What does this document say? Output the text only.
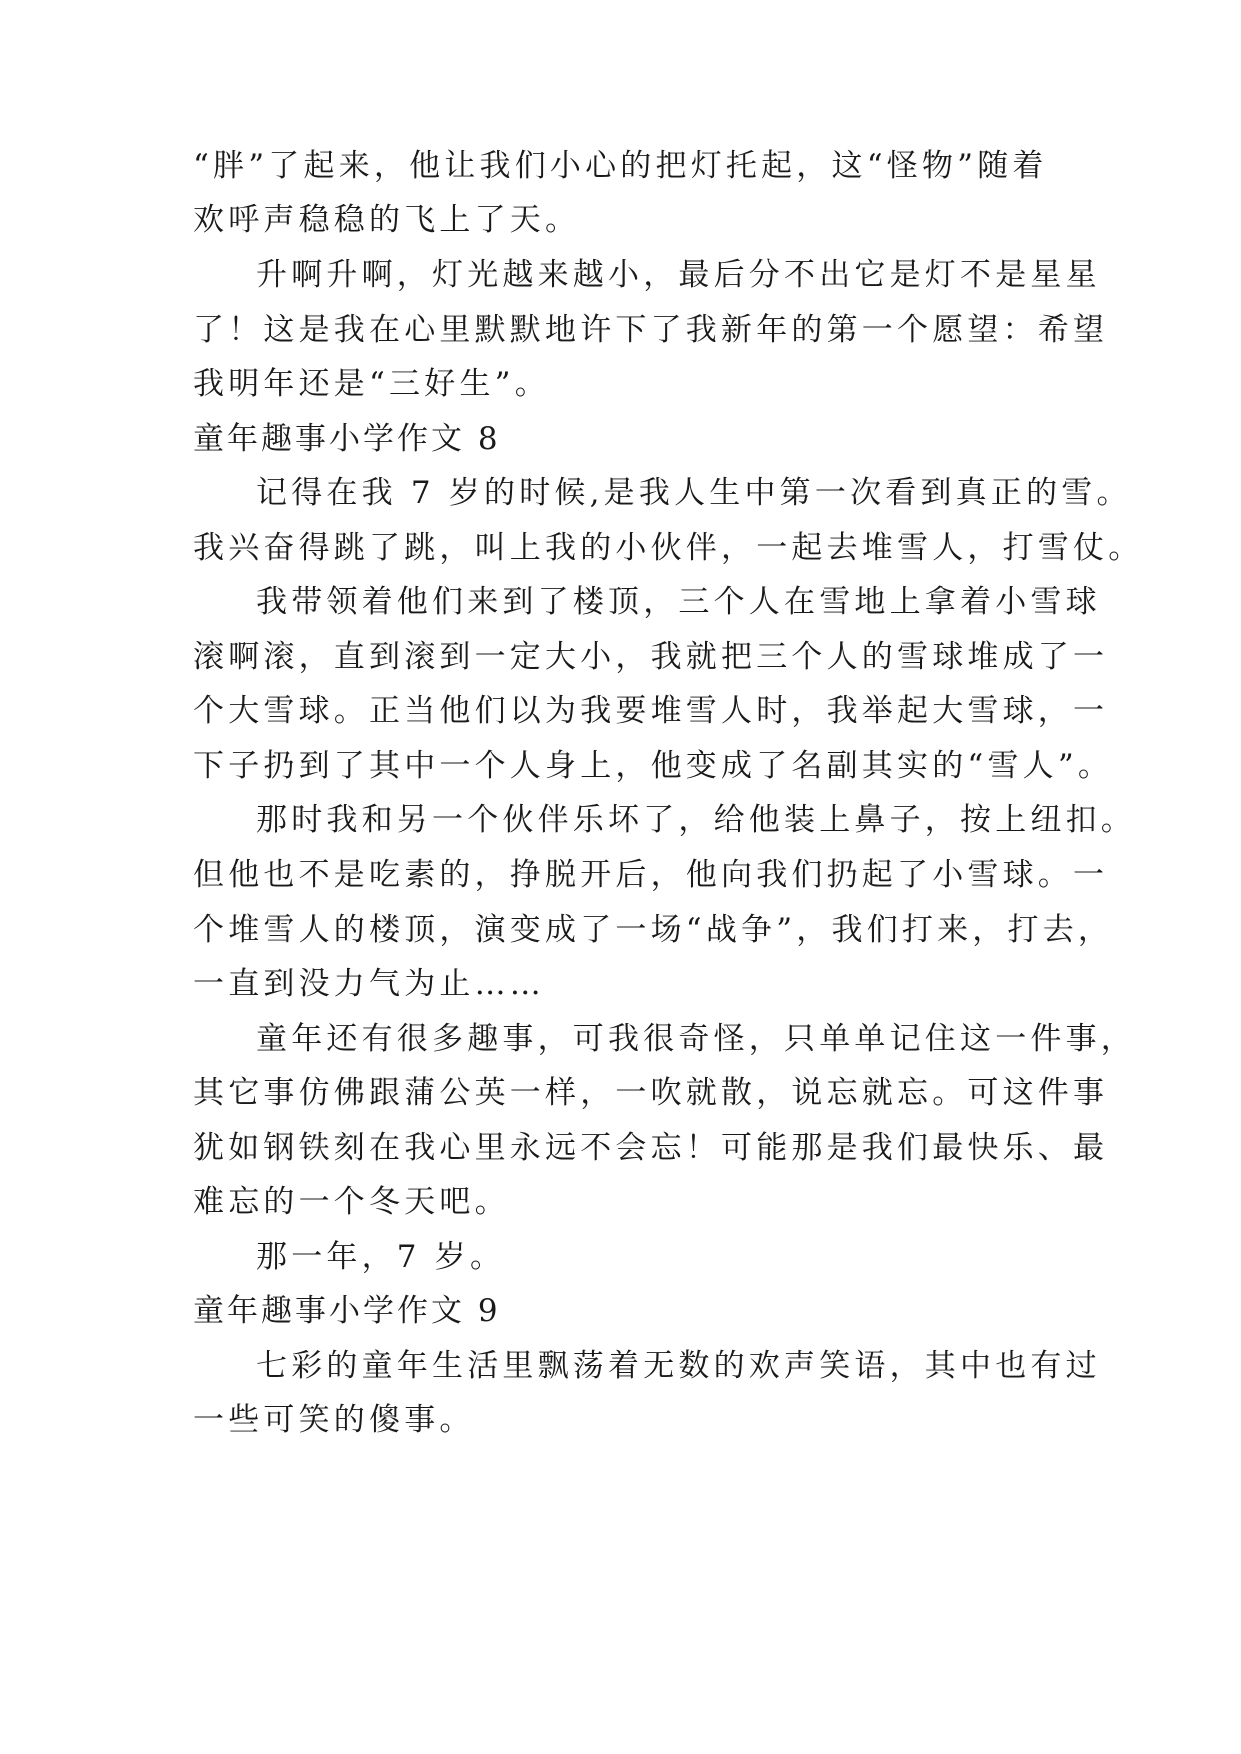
“胖”了起来，他让我们小心的把灯托起，这“怪物”随着
欢呼声稳稳的飞上了天。
升啊升啊，灯光越来越小，最后分不出它是灯不是星星
了！这是我在心里默默地许下了我新年的第一个愿望：希望
我明年还是“三好生”。
童年趣事小学作文 8
记得在我 7 岁的时候,是我人生中第一次看到真正的雪。
我兴奋得跳了跳，叫上我的小伙伴，一起去堆雪人，打雪仗。
我带领着他们来到了楼顶，三个人在雪地上拿着小雪球
滚啊滚，直到滚到一定大小，我就把三个人的雪球堆成了一
个大雪球。正当他们以为我要堆雪人时，我举起大雪球，一
下子扔到了其中一个人身上，他变成了名副其实的“雪人”。
那时我和另一个伙伴乐坏了，给他装上鼻子，按上纽扣。
但他也不是吃素的，挣脱开后，他向我们扔起了小雪球。一
个堆雪人的楼顶，演变成了一场“战争”，我们打来，打去，
一直到没力气为止……
童年还有很多趣事，可我很奇怪，只单单记住这一件事，
其它事仿佛跟蒲公英一样，一吹就散，说忘就忘。可这件事
犹如钢铁刻在我心里永远不会忘！可能那是我们最快乐、最
难忘的一个冬天吧。
那一年，7 岁。
童年趣事小学作文 9
七彩的童年生活里飘荡着无数的欢声笑语，其中也有过
一些可笑的傻事。
